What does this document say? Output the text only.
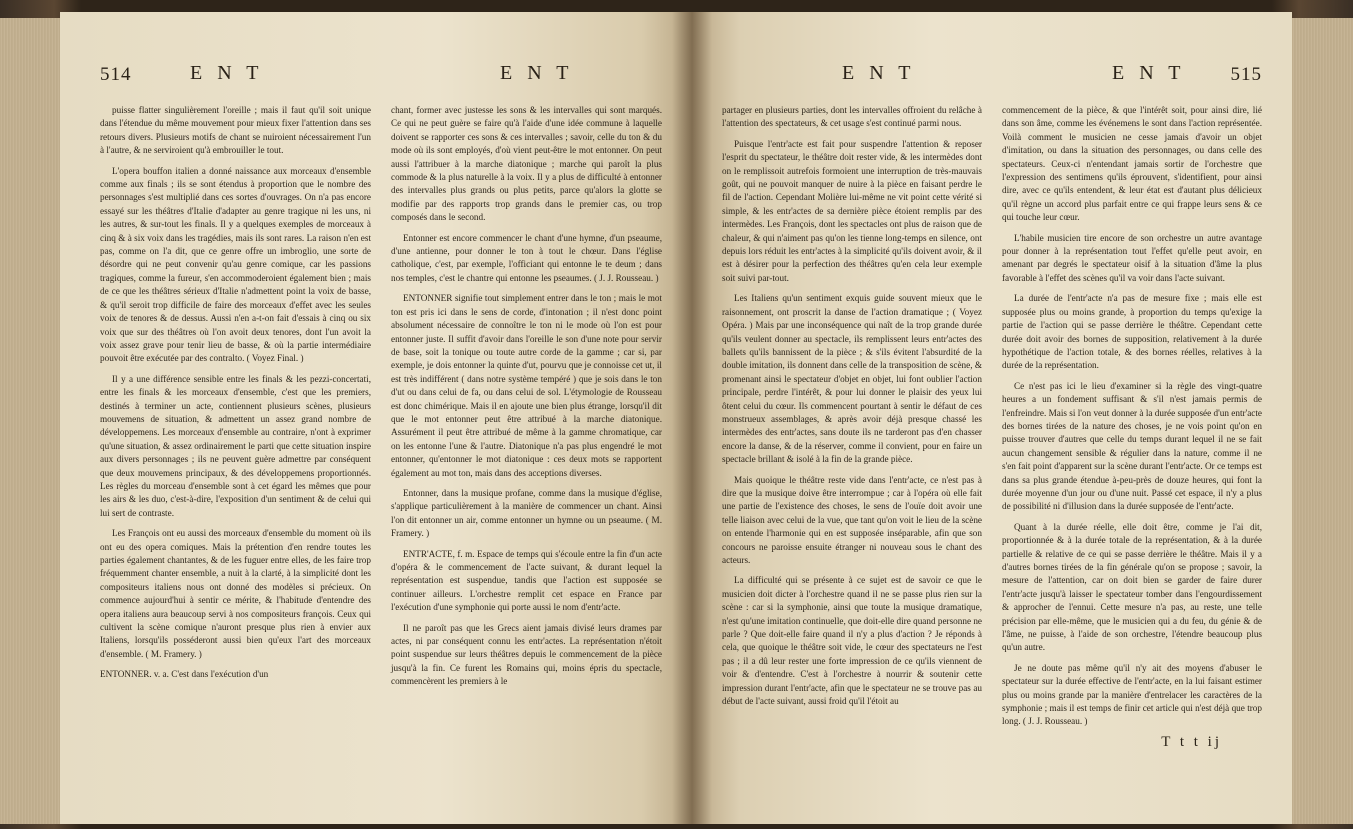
514	E N T	E N T

puisse flatter singulièrement l'oreille ; mais il faut qu'il soit unique dans l'étendue du même mouvement pour mieux fixer l'attention dans ses retours divers. Plusieurs motifs de chant se nuiroient nécessairement l'un à l'autre, & ne serviroient qu'à embrouiller le tout.

L'opera bouffon italien a donné naissance aux morceaux d'ensemble comme aux finals ; ils se sont étendus à proportion que le nombre des personnages s'est multiplié dans ces sortes d'ouvrages. On n'a pas encore essayé sur les théâtres d'Italie d'adapter au genre tragique ni les uns, ni les autres, & sur-tout les finals. Il y a quelques exemples de morceaux à cinq & à six voix dans les tragédies, mais ils sont rares. La raison n'en est pas, comme on l'a dit, que ce genre offre un imbroglio, une sorte de désordre qui ne peut convenir qu'au genre comique, car les passions tragiques, comme la fureur, s'en accommoderoient également bien ; mais de ce que les théâtres sérieux d'Italie n'admettent point la voix de basse, & qu'il seroit trop difficile de faire des morceaux d'effet avec les seules voix de tenores & de dessus. Aussi n'en a-t-on fait d'essais à cinq ou six voix que sur des théâtres où l'on avoit deux tenores, dont l'un avoit la voix assez grave pour tenir lieu de basse, & où la partie intermédiaire pouvoit être exécutée par des contralto. ( Voyez Final. )

Il y a une différence sensible entre les finals & les pezzi-concertati, entre les finals & les morceaux d'ensemble, c'est que les premiers, destinés à terminer un acte, contiennent plusieurs scènes, plusieurs mouvemens de situation, & admettent un assez grand nombre de développemens. Les morceaux d'ensemble au contraire, n'ont à exprimer qu'une situation, & assez ordinairement le parti que cette situation inspire aux divers personnages ; ils ne peuvent guère admettre par conséquent que deux mouvemens principaux, & des développemens proportionnés. Les règles du morceau d'ensemble sont à cet égard les mêmes que pour les airs & les duo, c'est-à-dire, l'exposition d'un sentiment & de celui qui lui sert de contraste.

Les François ont eu aussi des morceaux d'ensemble du moment où ils ont eu des opera comiques. Mais la prétention d'en rendre toutes les parties également chantantes, & de les fuguer entre elles, de les faire trop fréquemment chanter ensemble, a nuit à la clarté, à la simplicité dont les compositeurs italiens nous ont donné des modèles si précieux. On commence aujourd'hui à sentir ce mérite, & l'habitude d'entendre des opera italiens aura beaucoup servi à nos compositeurs françois. Ceux qui cultivent la scène comique n'auront presque plus rien à envier aux Italiens, lorsqu'ils posséderont aussi bien qu'eux l'art des morceaux d'ensemble. ( M. Framery. )

ENTONNER. v. a. C'est dans l'exécution d'un

chant, former avec justesse les sons & les intervalles qui sont marqués. Ce qui ne peut guère se faire qu'à l'aide d'une idée commune à laquelle doivent se rapporter ces sons & ces intervalles ; savoir, celle du ton & du mode où ils sont employés, d'où vient peut-être le mot entonner. On peut aussi l'attribuer à la marche diatonique ; marche qui paroît la plus commode & la plus naturelle à la voix. Il y a plus de difficulté à entonner des intervalles plus grands ou plus petits, parce qu'alors la glotte se modifie par des rapports trop grands dans le premier cas, ou trop composés dans le second.

Entonner est encore commencer le chant d'une hymne, d'un pseaume, d'une antienne, pour donner le ton à tout le chœur. Dans l'église catholique, c'est, par exemple, l'officiant qui entonne le te deum ; dans nos temples, c'est le chantre qui entonne les pseaumes. ( J. J. Rousseau. )

ENTONNER signifie tout simplement entrer dans le ton ; mais le mot ton est pris ici dans le sens de corde, d'intonation ; il n'est donc point absolument nécessaire de connoître le ton ni le mode où l'on est pour entonner juste. Il suffit d'avoir dans l'oreille le son d'une note pour servir de base, soit la tonique ou toute autre corde de la gamme ; car si, par exemple, je dois entonner la quinte d'ut, pourvu que je connoisse cet ut, il est très indifférent ( dans notre système tempéré ) que je sois dans le ton d'ut ou dans celui de fa, ou dans celui de sol. L'étymologie de Rousseau est donc chimérique. Mais il en ajoute une bien plus étrange, lorsqu'il dit que le mot entonner peut être attribué à la marche diatonique. Assurément il peut être attribué de même à la gamme chromatique, car on les entonne l'une & l'autre. Diatonique n'a pas plus engendré le mot entonner, qu'entonner le mot diatonique : ces deux mots se rapportent également au mot ton, mais dans des acceptions diverses.

Entonner, dans la musique profane, comme dans la musique d'église, s'applique particulièrement à la manière de commencer un chant. Ainsi l'on dit entonner un air, comme entonner un hymne ou un pseaume. ( M. Framery. )

ENTR'ACTE, f. m. Espace de temps qui s'écoule entre la fin d'un acte d'opéra & le commencement de l'acte suivant, & durant lequel la représentation est suspendue, tandis que l'action est supposée se continuer ailleurs. L'orchestre remplit cet espace en France par l'exécution d'une symphonie qui porte aussi le nom d'entr'acte.

Il ne paroît pas que les Grecs aient jamais divisé leurs drames par actes, ni par conséquent connu les entr'actes. La représentation n'étoit point suspendue sur leurs théâtres depuis le commencement de la pièce jusqu'à la fin. Ce furent les Romains qui, moins épris du spectacle, commencèrent les premiers à le

E N T	E N T 515

partager en plusieurs parties, dont les intervalles offroient du relâche à l'attention des spectateurs, & cet usage s'est continué parmi nous.

Puisque l'entr'acte est fait pour suspendre l'attention & reposer l'esprit du spectateur, le théâtre doit rester vide, & les intermèdes dont on le remplissoit autrefois formoient une interruption de très-mauvais goût, qui ne pouvoit manquer de nuire à la pièce en faisant perdre le fil de l'action. Cependant Molière lui-même ne vit point cette vérité si simple, & les entr'actes de sa dernière pièce étoient remplis par des intermèdes. Les François, dont les spectacles ont plus de raison que de chaleur, & qui n'aiment pas qu'on les tienne long-temps en silence, ont depuis lors réduit les entr'actes à la simplicité qu'ils doivent avoir, & il est à désirer pour la perfection des théâtres qu'en cela leur exemple soit suivi par-tout.

Les Italiens qu'un sentiment exquis guide souvent mieux que le raisonnement, ont proscrit la danse de l'action dramatique ; ( Voyez Opéra. ) Mais par une inconséquence qui naît de la trop grande durée qu'ils veulent donner au spectacle, ils remplissent leurs entr'actes des ballets qu'ils bannissent de la pièce ; & s'ils évitent l'absurdité de la double imitation, ils donnent dans celle de la transposition de scène, & promenant ainsi le spectateur d'objet en objet, lui font oublier l'action principale, perdre l'intérêt, & pour lui donner le plaisir des yeux lui ôtent celui du cœur. Ils commencent pourtant à sentir le défaut de ces monstrueux assemblages, & après avoir déjà presque chassé les intermèdes des entr'actes, sans doute ils ne tarderont pas d'en chasser encore la danse, & de la réserver, comme il convient, pour en faire un spectacle brillant & isolé à la fin de la grande pièce.

Mais quoique le théâtre reste vide dans l'entr'acte, ce n'est pas à dire que la musique doive être interrompue ; car à l'opéra où elle fait une partie de l'existence des choses, le sens de l'ouïe doit avoir une telle liaison avec celui de la vue, que tant qu'on voit le lieu de la scène on entende l'harmonie qui en est supposée inséparable, afin que son concours ne paroisse ensuite étranger ni nouveau sous le chant des acteurs.

La difficulté qui se présente à ce sujet est de savoir ce que le musicien doit dicter à l'orchestre quand il ne se passe plus rien sur la scène : car si la symphonie, ainsi que toute la musique dramatique, n'est qu'une imitation continuelle, que doit-elle dire quand personne ne parle ? Que doit-elle faire quand il n'y a plus d'action ? Je réponds à cela, que quoique le théâtre soit vide, le cœur des spectateurs ne l'est pas ; il a dû leur rester une forte impression de ce qu'ils viennent de voir & d'entendre. C'est à l'orchestre à nourrir & soutenir cette impression durant l'entr'acte, afin que le spectateur ne se trouve pas au début de l'acte suivant, aussi froid qu'il l'étoit au

commencement de la pièce, & que l'intérêt soit, pour ainsi dire, lié dans son âme, comme les événemens le sont dans l'action représentée. Voilà comment le musicien ne cesse jamais d'avoir un objet d'imitation, ou dans la situation des personnages, ou dans celle des spectateurs. Ceux-ci n'entendant jamais sortir de l'orchestre que l'expression des sentimens qu'ils éprouvent, s'identifient, pour ainsi dire, avec ce qu'ils entendent, & leur état est d'autant plus délicieux qu'il règne un accord plus parfait entre ce qui frappe leurs sens & ce qui touche leur cœur.

L'habile musicien tire encore de son orchestre un autre avantage pour donner à la représentation tout l'effet qu'elle peut avoir, en amenant par degrés le spectateur oisif à la situation d'âme la plus favorable à l'effet des scènes qu'il va voir dans l'acte suivant.

La durée de l'entr'acte n'a pas de mesure fixe ; mais elle est supposée plus ou moins grande, à proportion du temps qu'exige la partie de l'action qui se passe derrière le théâtre. Cependant cette durée doit avoir des bornes de supposition, relativement à la durée hypothétique de l'action totale, & des bornes réelles, relatives à la durée de la représentation.

Ce n'est pas ici le lieu d'examiner si la règle des vingt-quatre heures a un fondement suffisant & s'il n'est jamais permis de l'enfreindre. Mais si l'on veut donner à la durée supposée d'un entr'acte des bornes tirées de la nature des choses, je ne vois point qu'on en puisse trouver d'autres que celle du temps durant lequel il ne se fait aucun changement sensible & régulier dans la nature, comme il ne s'en fait point d'apparent sur la scène durant l'entr'acte. Or ce temps est dans sa plus grande étendue à-peu-près de douze heures, qui font la durée moyenne d'un jour ou d'une nuit. Passé cet espace, il n'y a plus de possibilité ni d'illusion dans la durée supposée de l'entr'acte.

Quant à la durée réelle, elle doit être, comme je l'ai dit, proportionnée & à la durée totale de la représentation, & à la durée partielle & relative de ce qui se passe derrière le théâtre. Mais il y a d'autres bornes tirées de la fin générale qu'on se propose ; savoir, la mesure de l'attention, car on doit bien se garder de faire durer l'entr'acte jusqu'à laisser le spectateur tomber dans l'engourdissement & approcher de l'ennui. Cette mesure n'a pas, au reste, une telle précision par elle-même, que le musicien qui a du feu, du génie & de l'âme, ne puisse, à l'aide de son orchestre, l'étendre beaucoup plus qu'un autre.

Je ne doute pas même qu'il n'y ait des moyens d'abuser le spectateur sur la durée effective de l'entr'acte, en la lui faisant estimer plus ou moins grande par la manière d'entrelacer les caractères de la symphonie ; mais il est temps de finir cet article qui n'est déjà que trop long. ( J. J. Rousseau. )

T t t ij
